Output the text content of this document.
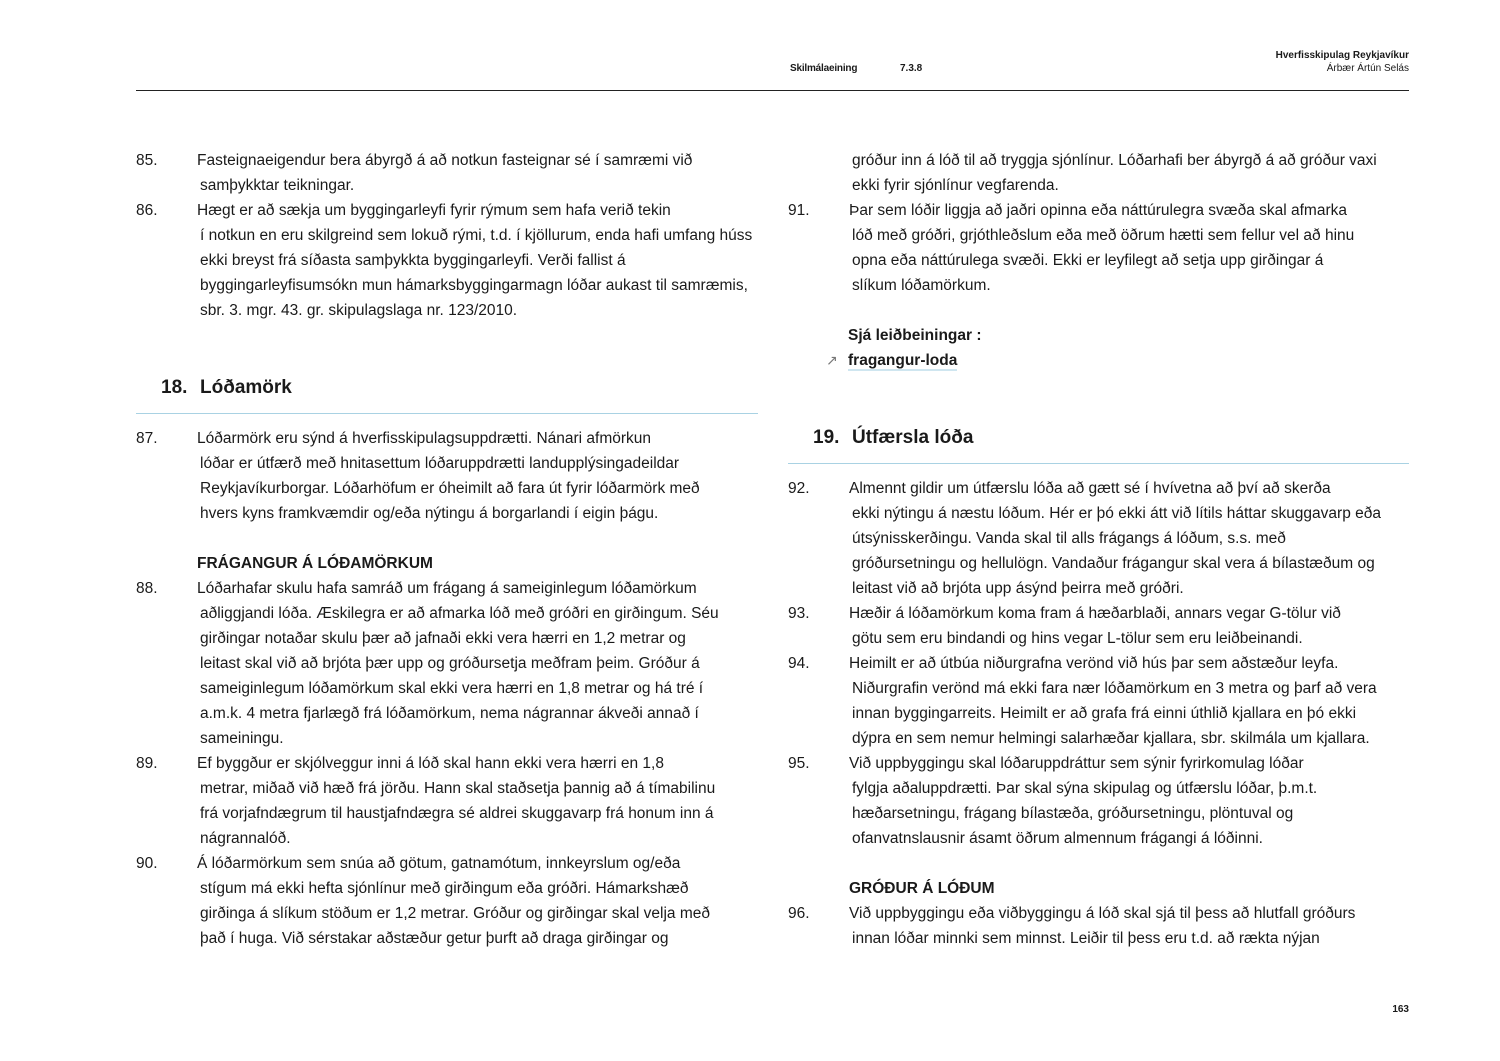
Skilmálaeining	7.3.8
Hverfisskipulag Reykjavíkur
Árbær Ártún Selás
85.	Fasteignaeigendur bera ábyrgð á að notkun fasteignar sé í samræmi við
samþykktar teikningar.
86.	Hægt er að sækja um byggingarleyfi fyrir rýmum sem hafa verið tekin
í notkun en eru skilgreind sem lokuð rými, t.d. í kjöllurum, enda hafi umfang húss ekki breyst frá síðasta samþykkta byggingarleyfi. Verði fallist á byggingarleyfisumsókn mun hámarksbyggingarmagn lóðar aukast til samræmis, sbr. 3. mgr. 43. gr. skipulagslaga nr. 123/2010.
18. Lóðamörk
87.	Lóðarmörk eru sýnd á hverfisskipulagsuppdrætti. Nánari afmörkun
lóðar er útfærð með hnitasettum lóðaruppdrætti landupplýsingadeildar Reykjavíkurborgar. Lóðarhöfum er óheimilt að fara út fyrir lóðarmörk með hvers kyns framkvæmdir og/eða nýtingu á borgarlandi í eigin þágu.
FRÁGANGUR Á LÓÐAMÖRKUM
88.	Lóðarhafar skulu hafa samráð um frágang á sameiginlegum lóðamörkum
aðliggjandi lóða. Æskilegra er að afmarka lóð með gróðri en girðingum. Séu girðingar notaðar skulu þær að jafnaði ekki vera hærri en 1,2 metrar og leitast skal við að brjóta þær upp og gróðursetja meðfram þeim. Gróður á sameiginlegum lóðamörkum skal ekki vera hærri en 1,8 metrar og há tré í a.m.k. 4 metra fjarlægð frá lóðamörkum, nema nágrannar ákveði annað í sameiningu.
89.	Ef byggður er skjólveggur inni á lóð skal hann ekki vera hærri en 1,8
metrar, miðað við hæð frá jörðu. Hann skal staðsetja þannig að á tímabilinu frá vorjafndægrum til haustjafndægra sé aldrei skuggavarp frá honum inn á nágrannalóð.
90.	Á lóðarmörkum sem snúa að götum, gatnamótum, innkeyrslum og/eða
stígum má ekki hefta sjónlínur með girðingum eða gróðri. Hámarkshæð girðinga á slíkum stöðum er 1,2 metrar. Gróður og girðingar skal velja með það í huga. Við sérstakar aðstæður getur þurft að draga girðingar og
gróður inn á lóð til að tryggja sjónlínur. Lóðarhafi ber ábyrgð á að gróður vaxi ekki fyrir sjónlínur vegfarenda.
91.	Þar sem lóðir liggja að jaðri opinna eða náttúrulegra svæða skal afmarka
lóð með gróðri, grjóthleðslum eða með öðrum hætti sem fellur vel að hinu opna eða náttúrulega svæði. Ekki er leyfilegt að setja upp girðingar á slíkum lóðamörkum.
Sjá leiðbeiningar :
↗ fragangur-loda
19. Útfærsla lóða
92.	Almennt gildir um útfærslu lóða að gætt sé í hvívetna að því að skerða
ekki nýtingu á næstu lóðum. Hér er þó ekki átt við lítils háttar skuggavarp eða útsýnisskerðingu. Vanda skal til alls frágangs á lóðum, s.s. með gróðursetningu og hellulögn. Vandaður frágangur skal vera á bílastæðum og leitast við að brjóta upp ásýnd þeirra með gróðri.
93.	Hæðir á lóðamörkum koma fram á hæðarblaði, annars vegar G-tölur við
götu sem eru bindandi og hins vegar L-tölur sem eru leiðbeinandi.
94.	Heimilt er að útbúa niðurgrafna verönd við hús þar sem aðstæður leyfa.
Niðurgrafin verönd má ekki fara nær lóðamörkum en 3 metra og þarf að vera innan byggingarreits. Heimilt er að grafa frá einni úthlið kjallara en þó ekki dýpra en sem nemur helmingi salarhæðar kjallara, sbr. skilmála um kjallara.
95.	Við uppbyggingu skal lóðaruppdráttur sem sýnir fyrirkomulag lóðar
fylgja aðaluppdrætti. Þar skal sýna skipulag og útfærslu lóðar, þ.m.t. hæðarsetningu, frágang bílastæða, gróðursetningu, plöntuval og ofanvatnslausnir ásamt öðrum almennum frágangi á lóðinni.
GRÓÐUR Á LÓÐUM
96.	Við uppbyggingu eða viðbyggingu á lóð skal sjá til þess að hlutfall gróðurs
innan lóðar minnki sem minnst. Leiðir til þess eru t.d. að rækta nýjan
163
